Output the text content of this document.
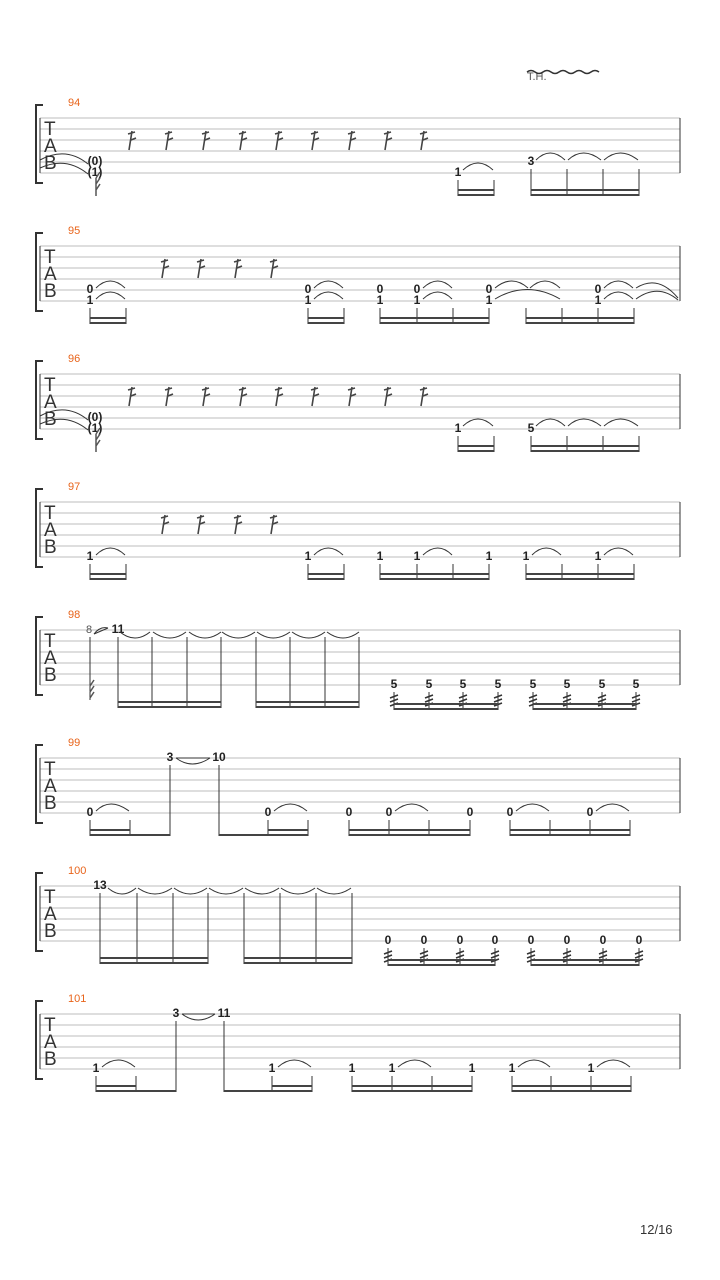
T.H.
94
T
A
B	(0)
(1)	1
3
95
T
A
B 0
1
0
1
0
1
0
1
0
1
0
1
96
T
A
B	(0)
(1)	1	5
97
T
A
B 1	1	1	1	1	1	1
98
T
A
B
8 11
5 5 5 5 5 5 5 5
99
T
A
B
3	10
0	0	0	0	0	0	0
100
T
A
B
13
0 0 0 0 0 0 0 0
101
T
A
B
3	11
1	1	1	1	1	1	1
12/16
